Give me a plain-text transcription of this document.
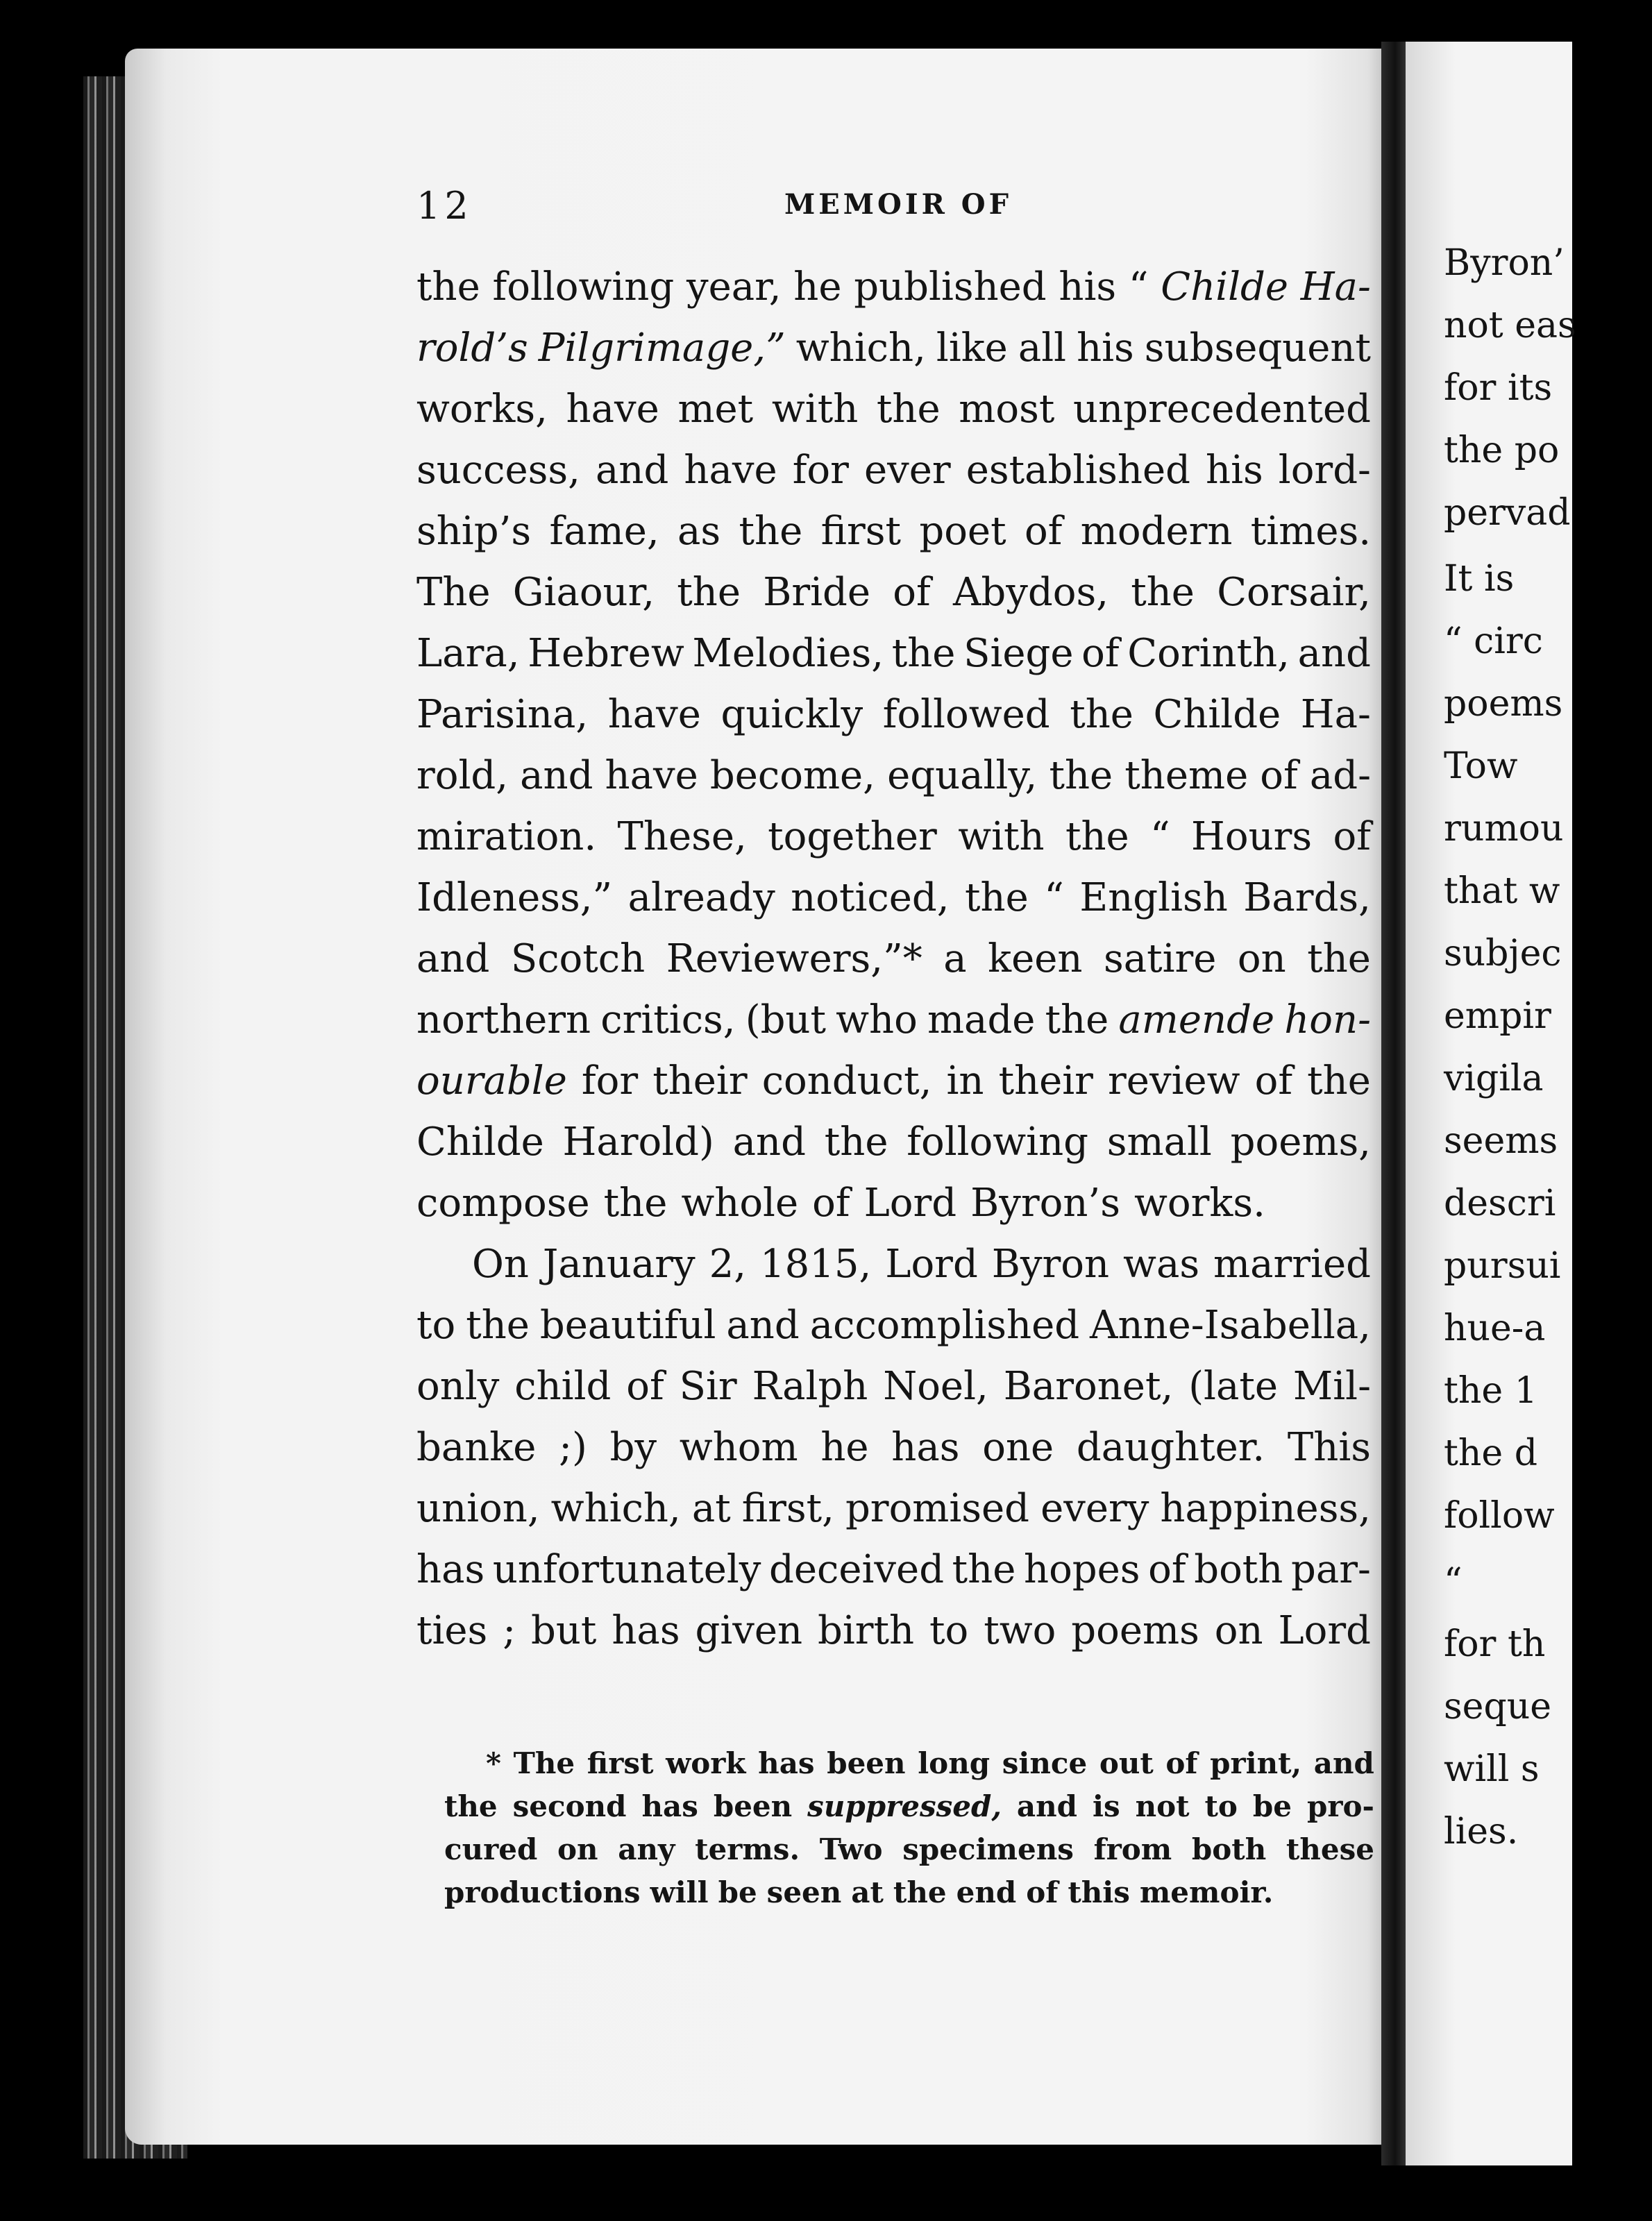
Byron’
not eas
for its
the po
pervad
It is
“ circ
poems
Tow
rumou
that w
subjec
empir
vigila
seems
descri
pursui
hue-a
the 1
the d
follow
“
for th
seque
will s
lies.
12	MEMOIR OF
the following year, he published his “ Childe Ha-
rold’s Pilgrimage,” which, like all his subsequent
works, have met with the most unprecedented
success, and have for ever established his lord-
ship’s fame, as the first poet of modern times.
The Giaour, the Bride of Abydos, the Corsair,
Lara, Hebrew Melodies, the Siege of Corinth, and
Parisina, have quickly followed the Childe Ha-
rold, and have become, equally, the theme of ad-
miration. These, together with the “ Hours of
Idleness,” already noticed, the “ English Bards,
and Scotch Reviewers,”* a keen satire on the
northern critics, (but who made the amende hon-
ourable for their conduct, in their review of the
Childe Harold) and the following small poems,
compose the whole of Lord Byron’s works.
On January 2, 1815, Lord Byron was married
to the beautiful and accomplished Anne-Isabella,
only child of Sir Ralph Noel, Baronet, (late Mil-
banke ;) by whom he has one daughter. This
union, which, at first, promised every happiness,
has unfortunately deceived the hopes of both par-
ties ; but has given birth to two poems on Lord
* The first work has been long since out of print, and
the second has been suppressed, and is not to be pro-
cured on any terms. Two specimens from both these
productions will be seen at the end of this memoir.
